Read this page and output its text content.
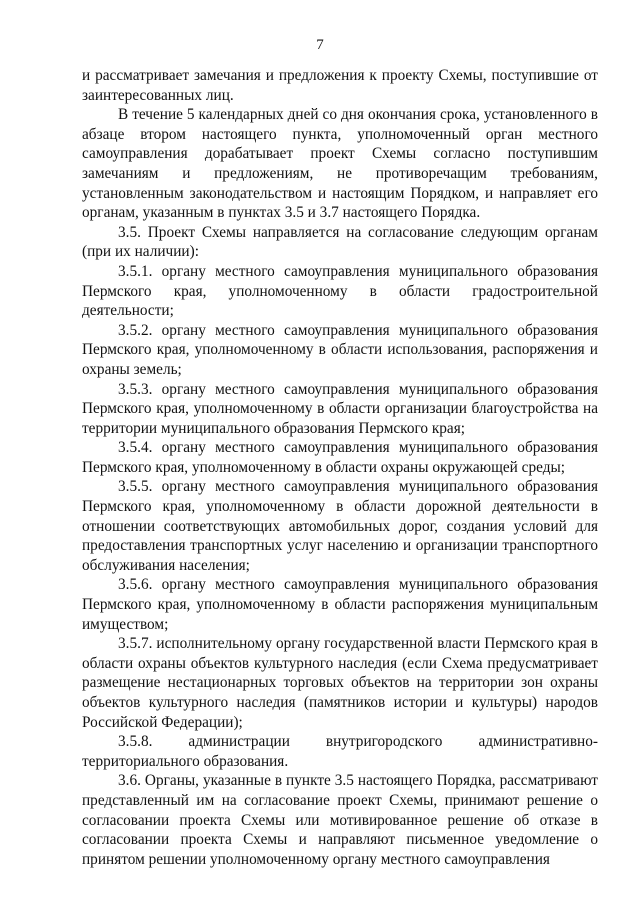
7

и рассматривает замечания и предложения к проекту Схемы, поступившие от заинтересованных лиц.

В течение 5 календарных дней со дня окончания срока, установленного в абзаце втором настоящего пункта, уполномоченный орган местного самоуправления дорабатывает проект Схемы согласно поступившим замечаниям и предложениям, не противоречащим требованиям, установленным законодательством и настоящим Порядком, и направляет его органам, указанным в пунктах 3.5 и 3.7 настоящего Порядка.

3.5. Проект Схемы направляется на согласование следующим органам (при их наличии):

3.5.1. органу местного самоуправления муниципального образования Пермского края, уполномоченному в области градостроительной деятельности;

3.5.2. органу местного самоуправления муниципального образования Пермского края, уполномоченному в области использования, распоряжения и охраны земель;

3.5.3. органу местного самоуправления муниципального образования Пермского края, уполномоченному в области организации благоустройства на территории муниципального образования Пермского края;

3.5.4. органу местного самоуправления муниципального образования Пермского края, уполномоченному в области охраны окружающей среды;

3.5.5. органу местного самоуправления муниципального образования Пермского края, уполномоченному в области дорожной деятельности в отношении соответствующих автомобильных дорог, создания условий для предоставления транспортных услуг населению и организации транспортного обслуживания населения;

3.5.6. органу местного самоуправления муниципального образования Пермского края, уполномоченному в области распоряжения муниципальным имуществом;

3.5.7. исполнительному органу государственной власти Пермского края в области охраны объектов культурного наследия (если Схема предусматривает размещение нестационарных торговых объектов на территории зон охраны объектов культурного наследия (памятников истории и культуры) народов Российской Федерации);

3.5.8. администрации внутригородского административно-территориального образования.

3.6. Органы, указанные в пункте 3.5 настоящего Порядка, рассматривают представленный им на согласование проект Схемы, принимают решение о согласовании проекта Схемы или мотивированное решение об отказе в согласовании проекта Схемы и направляют письменное уведомление о принятом решении уполномоченному органу местного самоуправления
